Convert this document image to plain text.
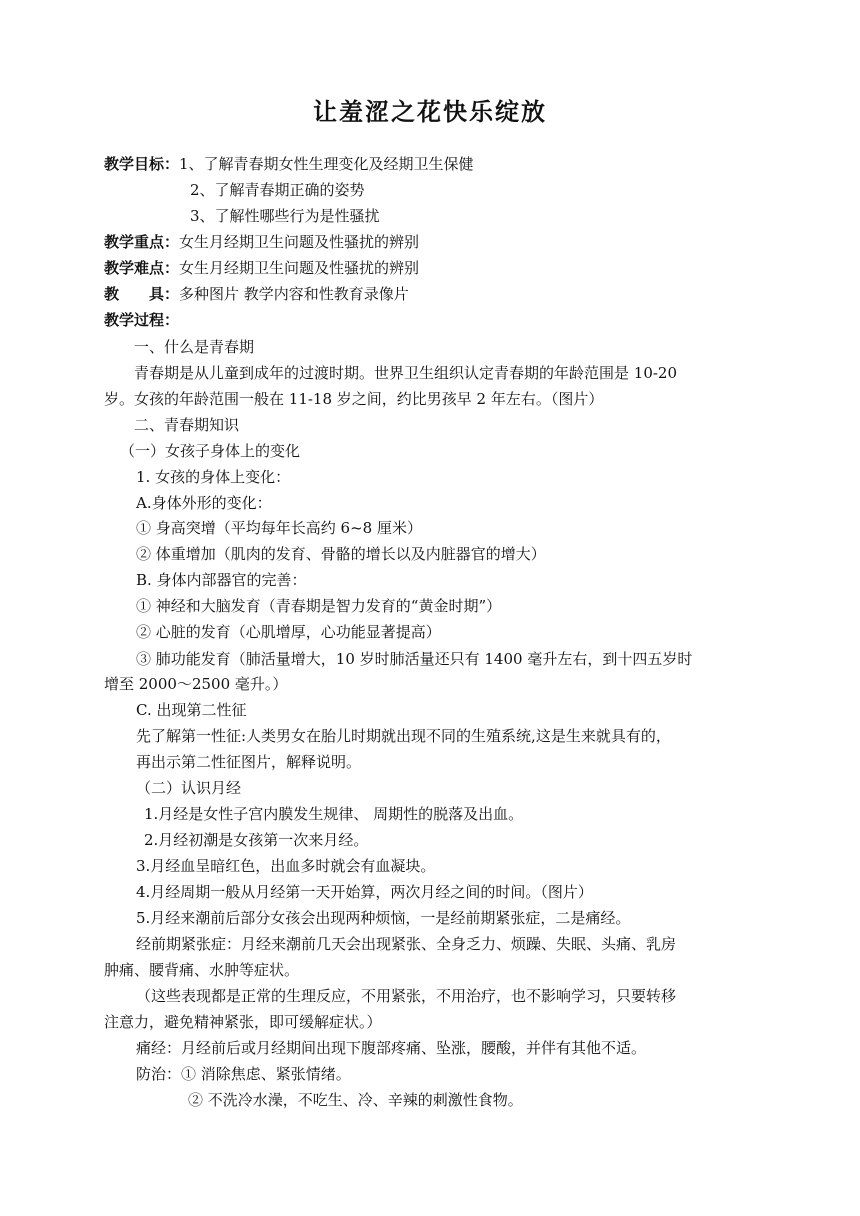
让羞涩之花快乐绽放
教学目标：1、了解青春期女性生理变化及经期卫生保健
2、了解青春期正确的姿势
3、了解性哪些行为是性骚扰
教学重点：女生月经期卫生问题及性骚扰的辨别
教学难点：女生月经期卫生问题及性骚扰的辨别
教　　具：多种图片 教学内容和性教育录像片
教学过程：
一、什么是青春期
青春期是从儿童到成年的过渡时期。世界卫生组织认定青春期的年龄范围是 10-20
岁。女孩的年龄范围一般在 11-18 岁之间，约比男孩早 2 年左右。（图片）
二、青春期知识
（一）女孩子身体上的变化
1. 女孩的身体上变化：
A.身体外形的变化：
① 身高突增（平均每年长高约 6~8 厘米）
② 体重增加（肌肉的发育、骨骼的增长以及内脏器官的增大）
B. 身体内部器官的完善：
① 神经和大脑发育（青春期是智力发育的“黄金时期”）
② 心脏的发育（心肌增厚，心功能显著提高）
③ 肺功能发育（肺活量增大，10 岁时肺活量还只有 1400 毫升左右，到十四五岁时
增至 2000～2500 毫升。）
C. 出现第二性征
先了解第一性征:人类男女在胎儿时期就出现不同的生殖系统,这是生来就具有的，
再出示第二性征图片，解释说明。
（二）认识月经
1.月经是女性子宫内膜发生规律、 周期性的脱落及出血。
2.月经初潮是女孩第一次来月经。
3.月经血呈暗红色，出血多时就会有血凝块。
4.月经周期一般从月经第一天开始算，两次月经之间的时间。（图片）
5.月经来潮前后部分女孩会出现两种烦恼，一是经前期紧张症，二是痛经。
经前期紧张症：月经来潮前几天会出现紧张、全身乏力、烦躁、失眠、头痛、乳房
肿痛、腰背痛、水肿等症状。
（这些表现都是正常的生理反应，不用紧张，不用治疗，也不影响学习，只要转移
注意力，避免精神紧张，即可缓解症状。）
痛经：月经前后或月经期间出现下腹部疼痛、坠涨，腰酸，并伴有其他不适。
防治：① 消除焦虑、紧张情绪。
② 不洗冷水澡，不吃生、冷、辛辣的刺激性食物。
